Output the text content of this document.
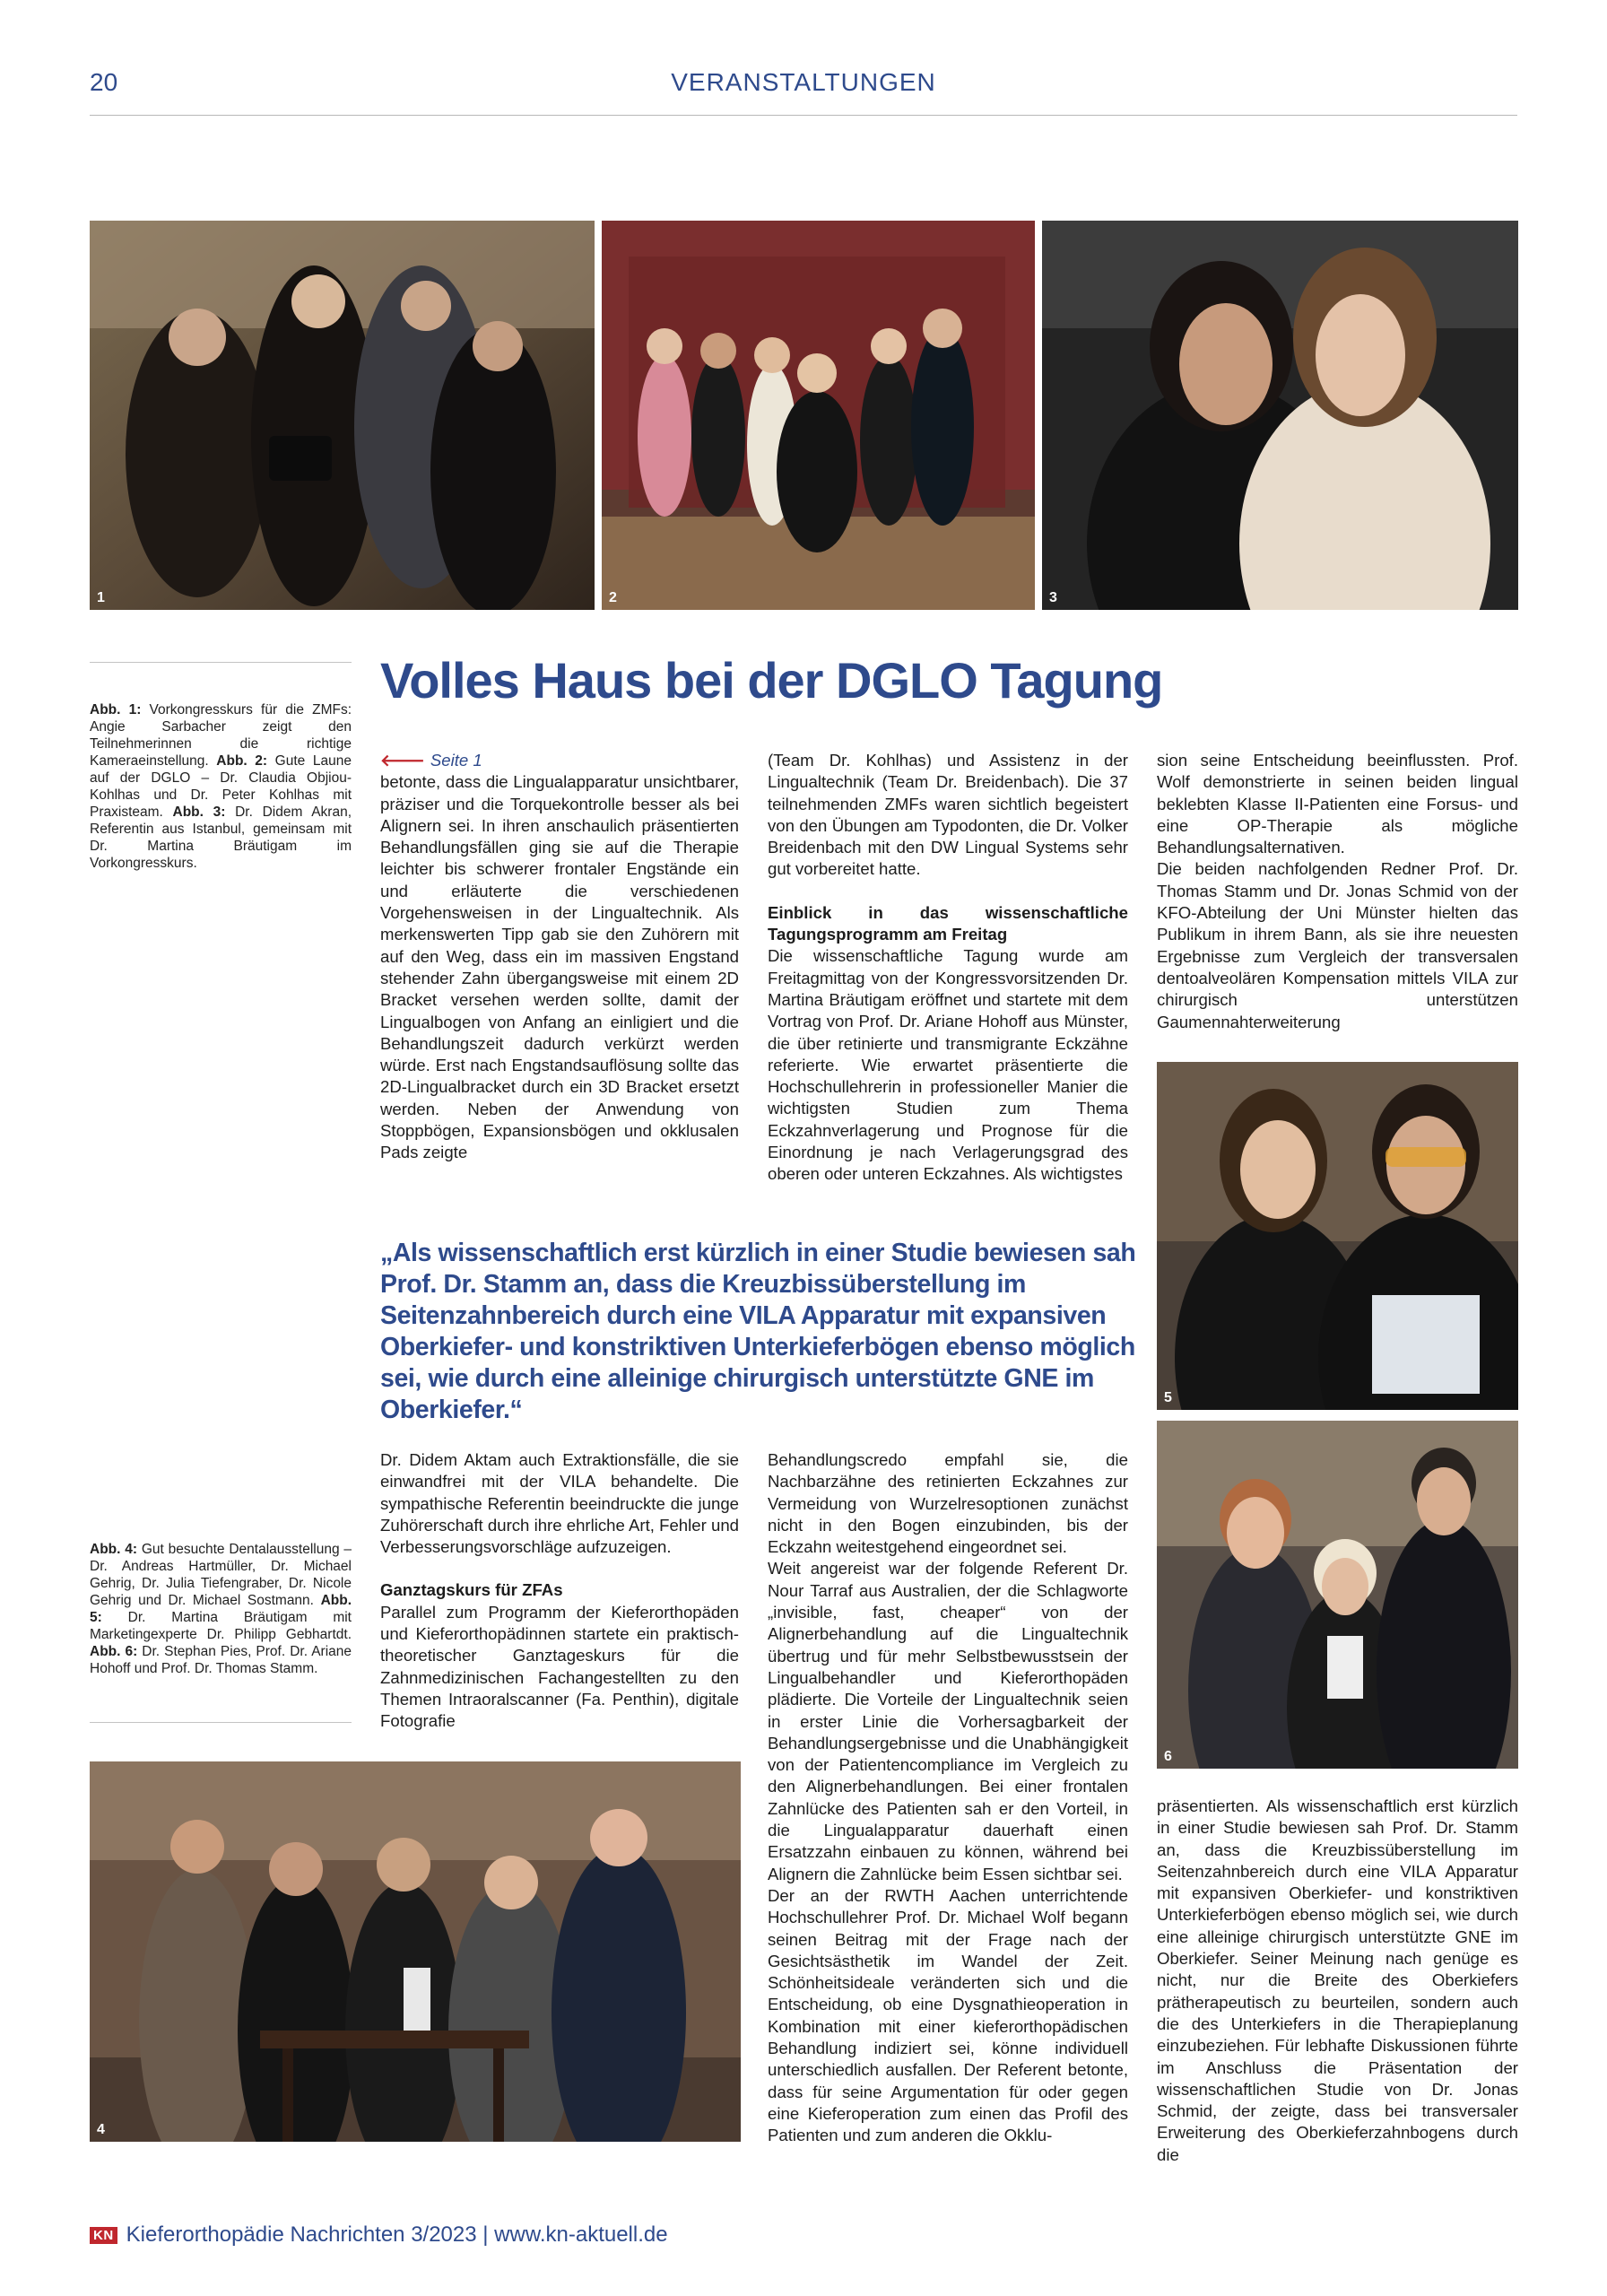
20	VERANSTALTUNGEN
1	2	3
Abb. 1: Vorkongresskurs für die ZMFs: Angie Sarbacher zeigt den Teilnehmerinnen die richtige Kameraeinstellung. Abb. 2: Gute Laune auf der DGLO – Dr. Claudia Objiou-Kohlhas und Dr. Peter Kohlhas mit Praxisteam. Abb. 3: Dr. Didem Akran, Referentin aus Istanbul, gemeinsam mit Dr. Martina Bräutigam im Vorkongresskurs.
Volles Haus bei der DGLO Tagung

🡐 Seite 1

betonte, dass die Lingualapparatur unsichtbarer, präziser und die Torquekontrolle besser als bei Alignern sei. In ihren anschaulich präsentierten Behandlungsfällen ging sie auf die Therapie leichter bis schwerer frontaler Engstände ein und erläuterte die verschiedenen Vorgehensweisen in der Lingualtechnik. Als merkenswerten Tipp gab sie den Zuhörern mit auf den Weg, dass ein im massiven Engstand stehender Zahn übergangsweise mit einem 2D Bracket versehen werden sollte, damit der Lingualbogen von Anfang an einligiert und die Behandlungszeit dadurch verkürzt werden würde. Erst nach Engstandsauflösung sollte das 2D-Lingualbracket durch ein 3D Bracket ersetzt werden. Neben der Anwendung von Stoppbögen, Expansionsbögen und okklusalen Pads zeigte

(Team Dr. Kohlhas) und Assistenz in der Lingualtechnik (Team Dr. Breidenbach). Die 37 teilnehmenden ZMFs waren sichtlich begeistert von den Übungen am Typodonten, die Dr. Volker Breidenbach mit den DW Lingual Systems sehr gut vorbereitet hatte.

Einblick in das wissenschaftliche Tagungsprogramm am Freitag

Die wissenschaftliche Tagung wurde am Freitagmittag von der Kongressvorsitzenden Dr. Martina Bräutigam eröffnet und startete mit dem Vortrag von Prof. Dr. Ariane Hohoff aus Münster, die über retinierte und transmigrante Eckzähne referierte. Wie erwartet präsentierte die Hochschullehrerin in professioneller Manier die wichtigsten Studien zum Thema Eckzahnverlagerung und Prognose für die Einordnung je nach Verlagerungsgrad des oberen oder unteren Eckzahnes. Als wichtigstes

sion seine Entscheidung beeinflussten. Prof. Wolf demonstrierte in seinen beiden lingual beklebten Klasse II-Patienten eine Forsus- und eine OP-Therapie als mögliche Behandlungsalternativen.

Die beiden nachfolgenden Redner Prof. Dr. Thomas Stamm und Dr. Jonas Schmid von der KFO-Abteilung der Uni Münster hielten das Publikum in ihrem Bann, als sie ihre neuesten Ergebnisse zum Vergleich der transversalen dentoalveolären Kompensation mittels VILA zur chirurgisch unterstützen Gaumennahterweiterung

5
„Als wissenschaftlich erst kürzlich in einer Studie bewiesen sah Prof. Dr. Stamm an, dass die Kreuzbissüberstellung im Seitenzahnbereich durch eine VILA Apparatur mit expansiven Oberkiefer- und konstriktiven Unterkieferbögen ebenso möglich sei, wie durch eine alleinige chirurgisch unterstützte GNE im Oberkiefer.“
6
Abb. 4: Gut besuchte Dentalausstellung – Dr. Andreas Hartmüller, Dr. Michael Gehrig, Dr. Julia Tiefengraber, Dr. Nicole Gehrig und Dr. Michael Sostmann. Abb. 5: Dr. Martina Bräutigam mit Marketingexperte Dr. Philipp Gebhartdt. Abb. 6: Dr. Stephan Pies, Prof. Dr. Ariane Hohoff und Prof. Dr. Thomas Stamm.

Dr. Didem Aktam auch Extraktionsfälle, die sie einwandfrei mit der VILA behandelte. Die sympathische Referentin beeindruckte die junge Zuhörerschaft durch ihre ehrliche Art, Fehler und Verbesserungsvorschläge aufzuzeigen.

Ganztagskurs für ZFAs

Parallel zum Programm der Kieferorthopäden und Kieferorthopädinnen startete ein praktisch-theoretischer Ganztageskurs für die Zahnmedizinischen Fachangestellten zu den Themen Intraoralscanner (Fa. Penthin), digitale Fotografie

Behandlungscredo empfahl sie, die Nachbarzähne des retinierten Eckzahnes zur Vermeidung von Wurzelresoptionen zunächst nicht in den Bogen einzubinden, bis der Eckzahn weitestgehend eingeordnet sei.

Weit angereist war der folgende Referent Dr. Nour Tarraf aus Australien, der die Schlagworte „invisible, fast, cheaper“ von der Alignerbehandlung auf die Lingualtechnik übertrug und für mehr Selbstbewusstsein der Lingualbehandler und Kieferorthopäden plädierte. Die Vorteile der Lingualtechnik seien in erster Linie die Vorhersagbarkeit der Behandlungsergebnisse und die Unabhängigkeit von der Patientencompliance im Vergleich zu den Alignerbehandlungen. Bei einer frontalen Zahnlücke des Patienten sah er den Vorteil, in die Lingualapparatur dauerhaft einen Ersatzzahn einbauen zu können, während bei Alignern die Zahnlücke beim Essen sichtbar sei.

Der an der RWTH Aachen unterrichtende Hochschullehrer Prof. Dr. Michael Wolf begann seinen Beitrag mit der Frage nach der Gesichtsästhetik im Wandel der Zeit. Schönheitsideale veränderten sich und die Entscheidung, ob eine Dysgnathieoperation in Kombination mit einer kieferorthopädischen Behandlung indiziert sei, könne individuell unterschiedlich ausfallen. Der Referent betonte, dass für seine Argumentation für oder gegen eine Kieferoperation zum einen das Profil des Patienten und zum anderen die Okklu-

präsentierten. Als wissenschaftlich erst kürzlich in einer Studie bewiesen sah Prof. Dr. Stamm an, dass die Kreuzbissüberstellung im Seitenzahnbereich durch eine VILA Apparatur mit expansiven Oberkiefer- und konstriktiven Unterkieferbögen ebenso möglich sei, wie durch eine alleinige chirurgisch unterstützte GNE im Oberkiefer. Seiner Meinung nach genüge es nicht, nur die Breite des Oberkiefers prätherapeutisch zu beurteilen, sondern auch die des Unterkiefers in die Therapieplanung einzubeziehen. Für lebhafte Diskussionen führte im Anschluss die Präsentation der wissenschaftlichen Studie von Dr. Jonas Schmid, der zeigte, dass bei transversaler Erweiterung des Oberkieferzahnbogens durch die

4
KN Kieferorthopädie Nachrichten 3/2023 | www.kn-aktuell.de
